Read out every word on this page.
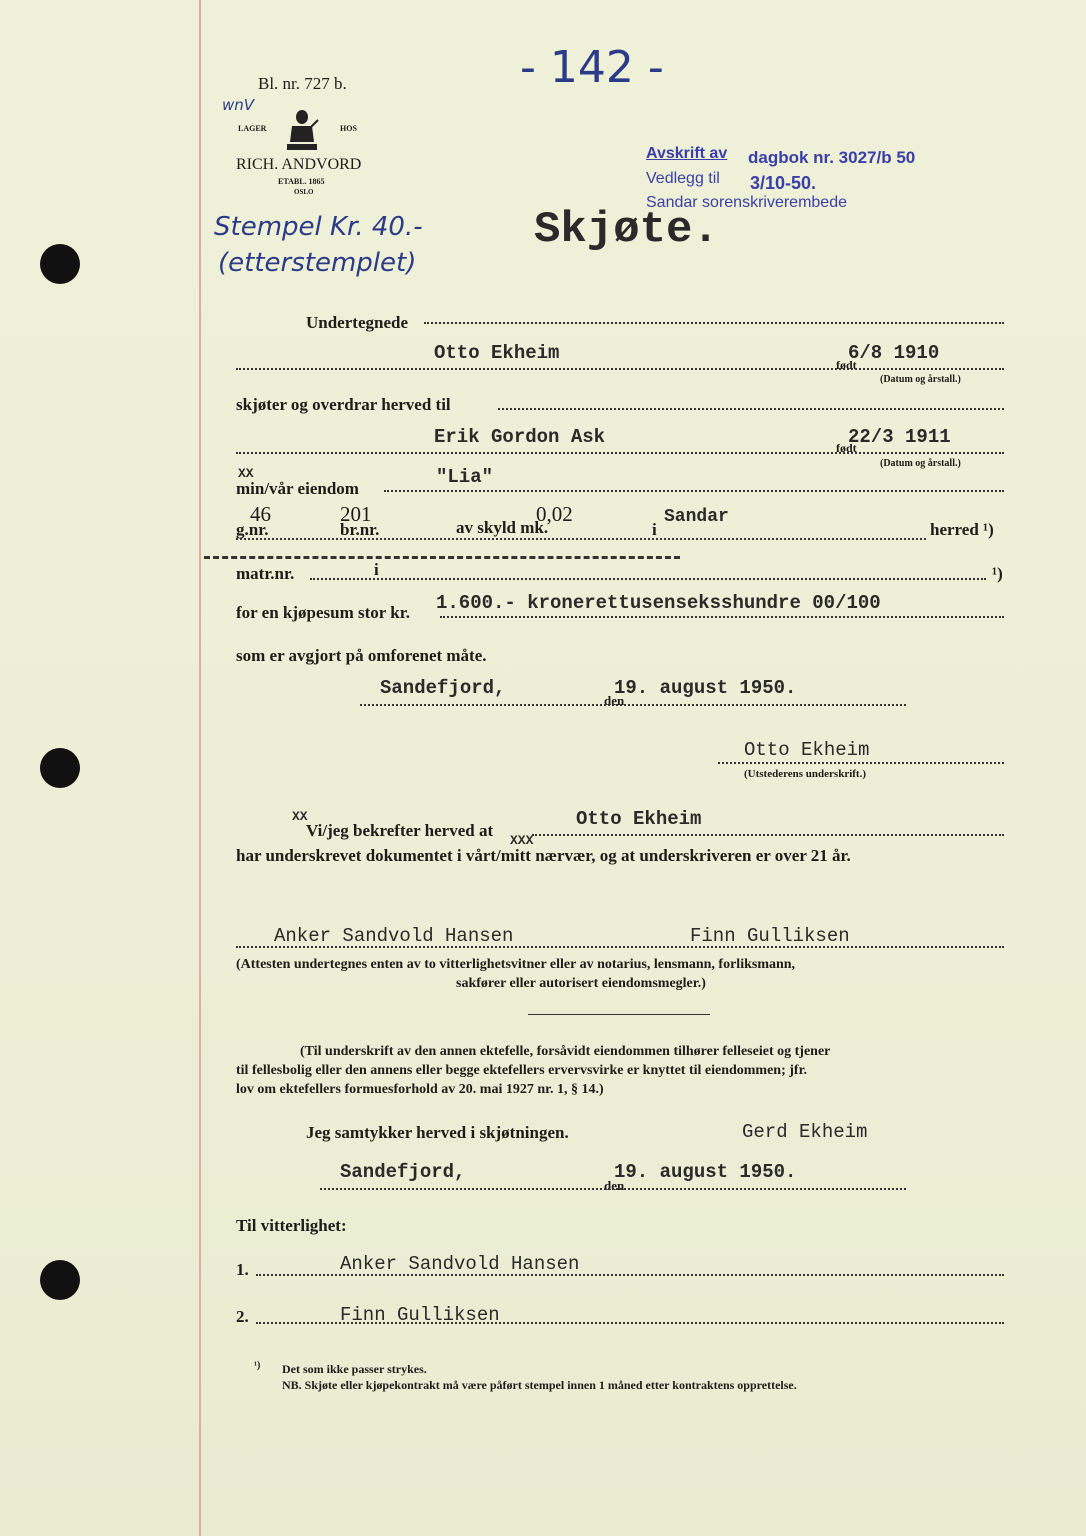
Bl. nr. 727 b.
wnV
- 142 -
LAGER	HOS
RICH. ANDVORD
ETABL. 1865
OSLO
Avskrift av dagbok nr. 3027/b 50
Vedlegg til 3/10-50.
Sandar sorenskriverembede
Stempel Kr. 40.-
(etterstemplet)
Skjøte.
Undertegnede
Otto Ekheim
født
6/8 1910
(Datum og årstall.)
skjøter og overdrar herved til
Erik Gordon Ask	født
22/3 1911
(Datum og årstall.)
XX
min/vår eiendom
"Lia"
46
g.nr.
201
br.nr.	av skyld mk.
0,02
i
Sandar
herred ¹)
matr.nr.	i	¹)
for en kjøpesum stor kr. 1.600.- kronerettusenseksshundre 00/100
som er avgjort på omforenet måte.
Sandefjord,
den
19. august 1950.
Otto Ekheim
(Utstederens underskrift.)
XX
Vi/jeg bekrefter herved at
Otto Ekheim
XXX
har underskrevet dokumentet i vårt/mitt nærvær, og at underskriveren er over 21 år.
Anker Sandvold Hansen	Finn Gulliksen
(Attesten undertegnes enten av to vitterlighetsvitner eller av notarius, lensmann, forliksmann,
sakfører eller autorisert eiendomsmegler.)
(Til underskrift av den annen ektefelle, forsåvidt eiendommen tilhører felleseiet og tjener
til fellesbolig eller den annens eller begge ektefellers ervervsvirke er knyttet til eiendommen; jfr.
lov om ektefellers formuesforhold av 20. mai 1927 nr. 1, § 14.)
Jeg samtykker herved i skjøtningen.	Gerd Ekheim
Sandefjord,
den
19. august 1950.
Til vitterlighet:
1.	Anker Sandvold Hansen
2.	Finn Gulliksen
¹) Det som ikke passer strykes.
NB. Skjøte eller kjøpekontrakt må være påført stempel innen 1 måned etter kontraktens opprettelse.
